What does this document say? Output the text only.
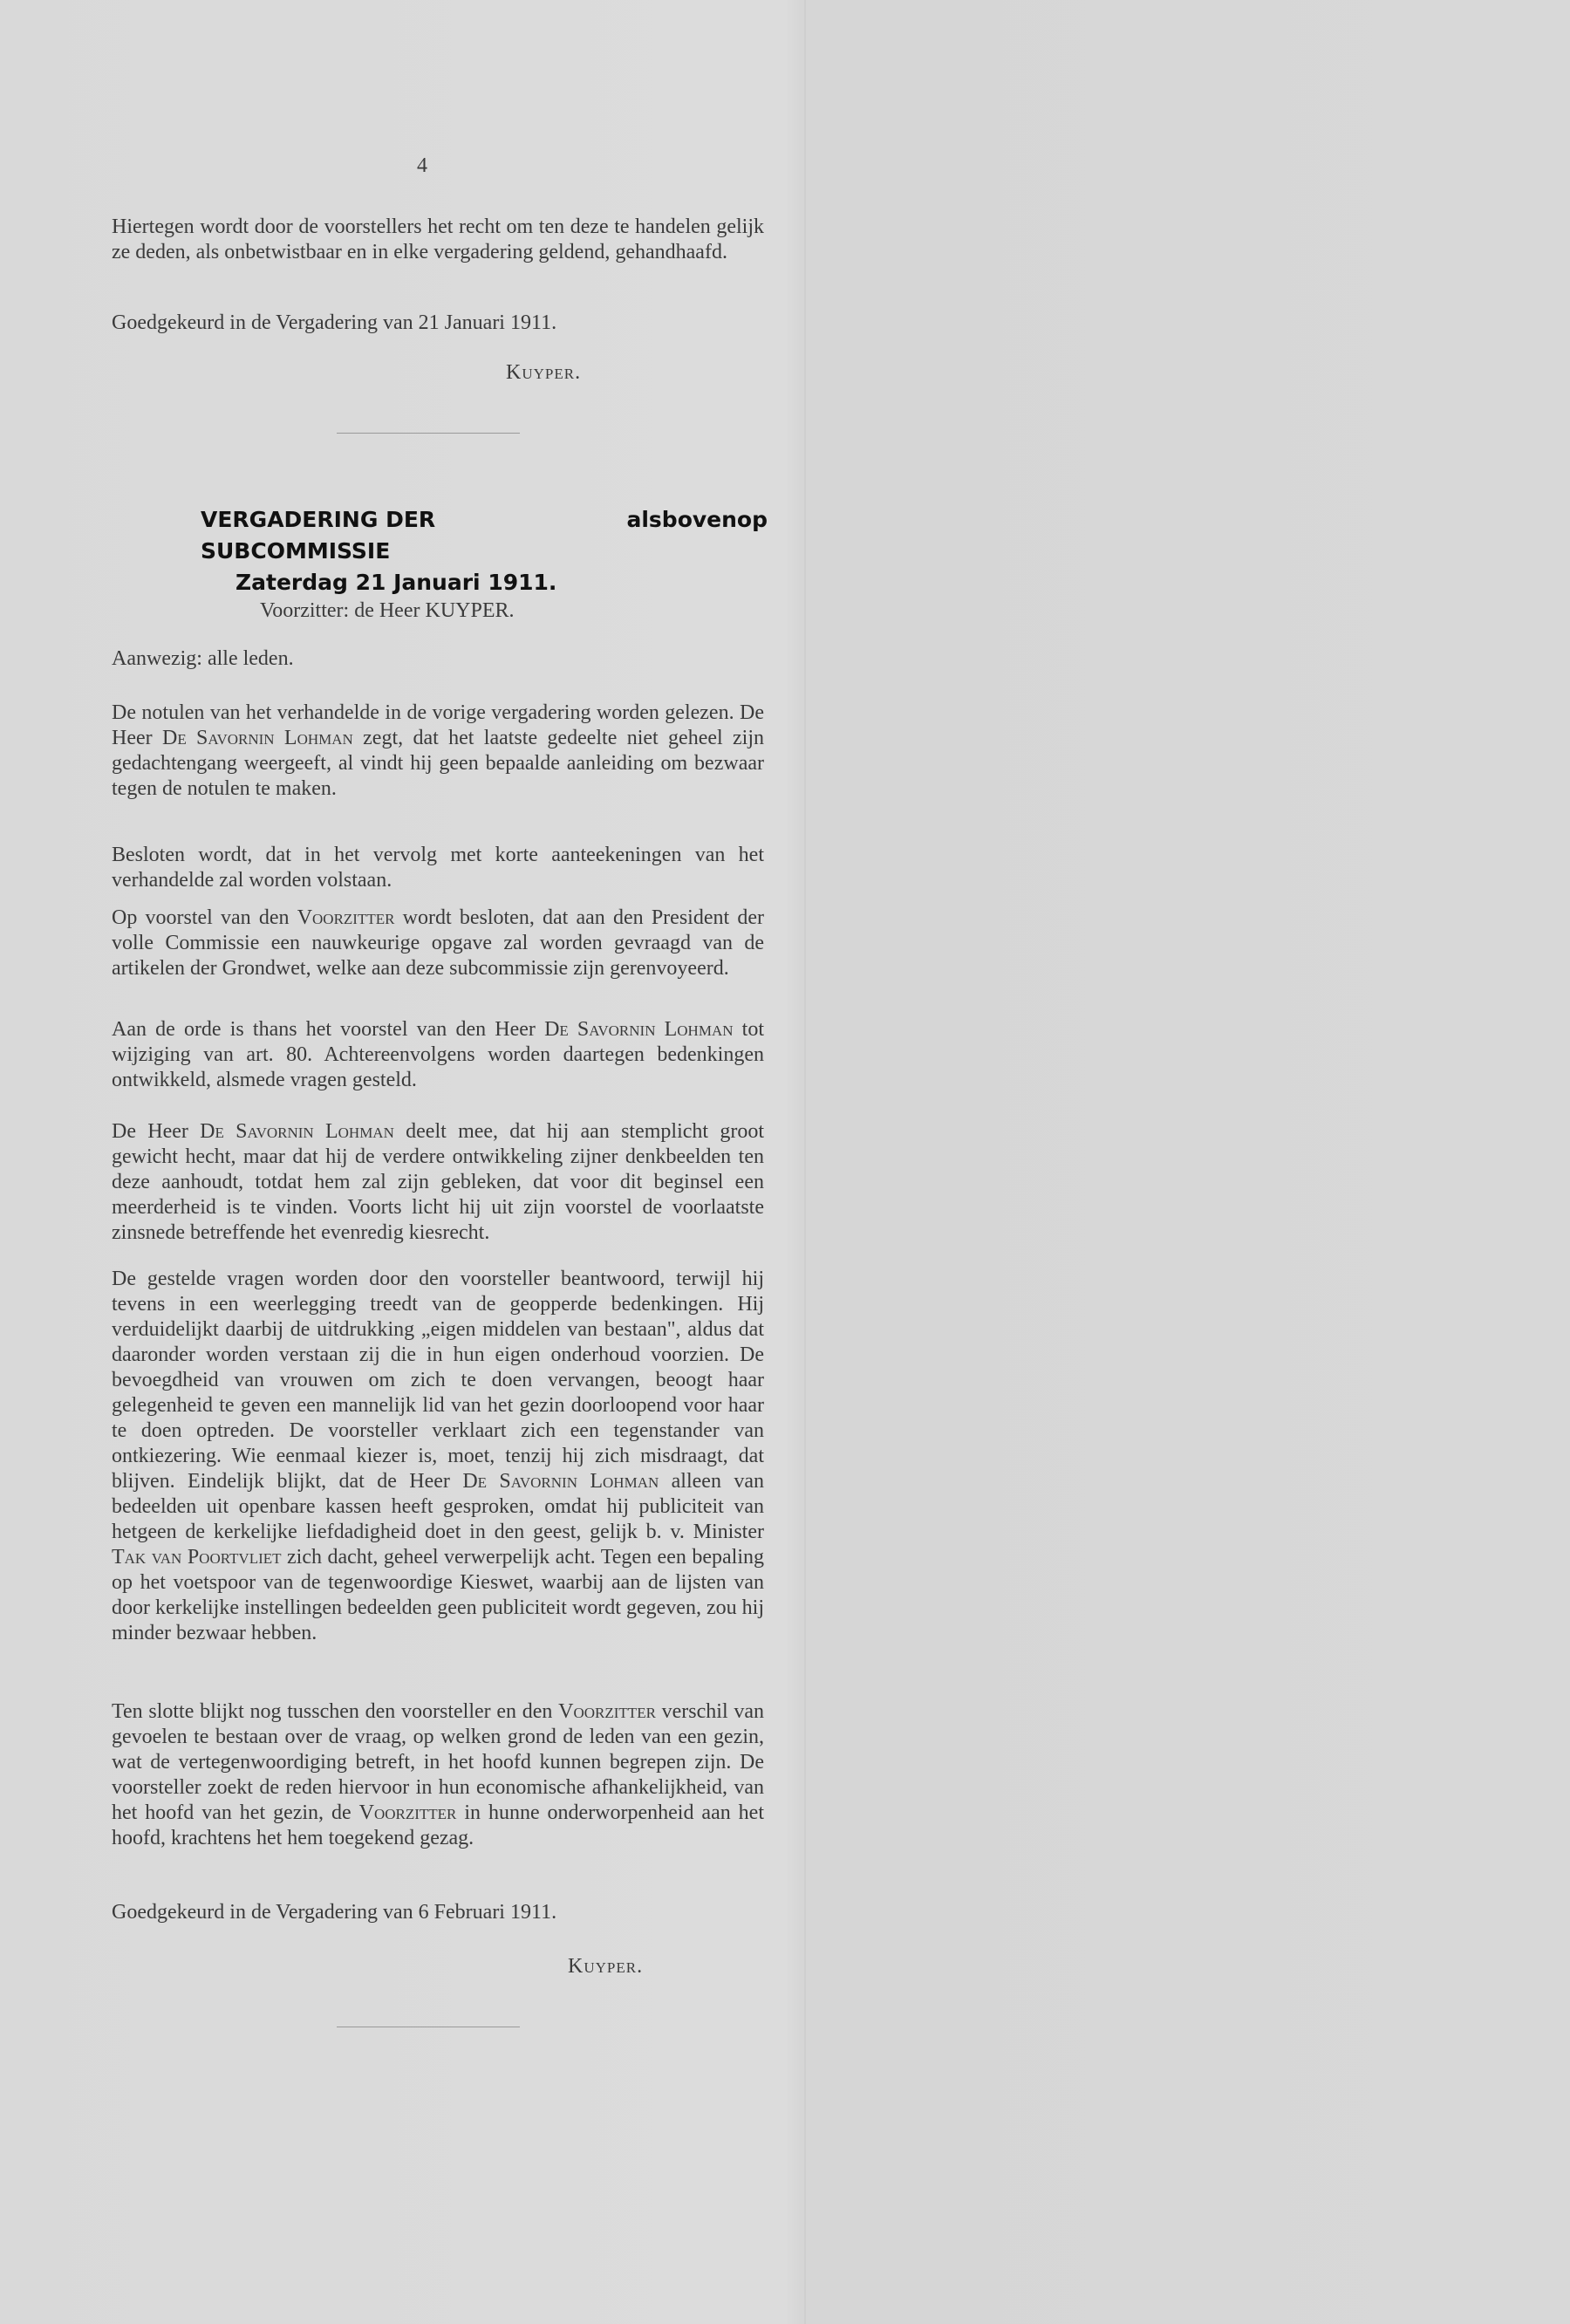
4

Hiertegen wordt door de voorstellers het recht om ten deze te handelen gelijk ze deden, als onbetwistbaar en in elke vergadering geldend, gehandhaafd.

Goedgekeurd in de Vergadering van 21 Januari 1911.

Kuyper.
VERGADERING DER SUBCOMMISSIE
als boven op
Zaterdag 21 Januari 1911.
Voorzitter: de Heer KUYPER.
Aanwezig: alle leden.

De notulen van het verhandelde in de vorige vergadering worden gelezen. De Heer De Savornin Lohman zegt, dat het laatste gedeelte niet geheel zijn gedachtengang weergeeft, al vindt hij geen bepaalde aanleiding om bezwaar tegen de notulen te maken.

Besloten wordt, dat in het vervolg met korte aanteekeningen van het verhandelde zal worden volstaan.

Op voorstel van den Voorzitter wordt besloten, dat aan den President der volle Commissie een nauwkeurige opgave zal worden gevraagd van de artikelen der Grondwet, welke aan deze subcommissie zijn gerenvoyeerd.

Aan de orde is thans het voorstel van den Heer De Savornin Lohman tot wijziging van art. 80. Achtereenvolgens worden daartegen bedenkingen ontwikkeld, alsmede vragen gesteld.

De Heer De Savornin Lohman deelt mee, dat hij aan stemplicht groot gewicht hecht, maar dat hij de verdere ontwikkeling zijner denkbeelden ten deze aanhoudt, totdat hem zal zijn gebleken, dat voor dit beginsel een meerderheid is te vinden. Voorts licht hij uit zijn voorstel de voorlaatste zinsnede betreffende het evenredig kiesrecht.

De gestelde vragen worden door den voorsteller beantwoord, terwijl hij tevens in een weerlegging treedt van de geopperde bedenkingen. Hij verduidelijkt daarbij de uitdrukking „eigen middelen van bestaan", aldus dat daaronder worden verstaan zij die in hun eigen onderhoud voorzien. De bevoegdheid van vrouwen om zich te doen vervangen, beoogt haar gelegenheid te geven een mannelijk lid van het gezin doorloopend voor haar te doen optreden. De voorsteller verklaart zich een tegenstander van ontkiezering. Wie eenmaal kiezer is, moet, tenzij hij zich misdraagt, dat blijven. Eindelijk blijkt, dat de Heer De Savornin Lohman alleen van bedeelden uit openbare kassen heeft gesproken, omdat hij publiciteit van hetgeen de kerkelijke liefdadigheid doet in den geest, gelijk b. v. Minister Tak van Poortvliet zich dacht, geheel verwerpelijk acht. Tegen een bepaling op het voetspoor van de tegenwoordige Kieswet, waarbij aan de lijsten van door kerkelijke instellingen bedeelden geen publiciteit wordt gegeven, zou hij minder bezwaar hebben.

Ten slotte blijkt nog tusschen den voorsteller en den Voorzitter verschil van gevoelen te bestaan over de vraag, op welken grond de leden van een gezin, wat de vertegenwoordiging betreft, in het hoofd kunnen begrepen zijn. De voorsteller zoekt de reden hiervoor in hun economische afhankelijkheid, van het hoofd van het gezin, de Voorzitter in hunne onderworpenheid aan het hoofd, krachtens het hem toegekend gezag.

Goedgekeurd in de Vergadering van 6 Februari 1911.

Kuyper.
